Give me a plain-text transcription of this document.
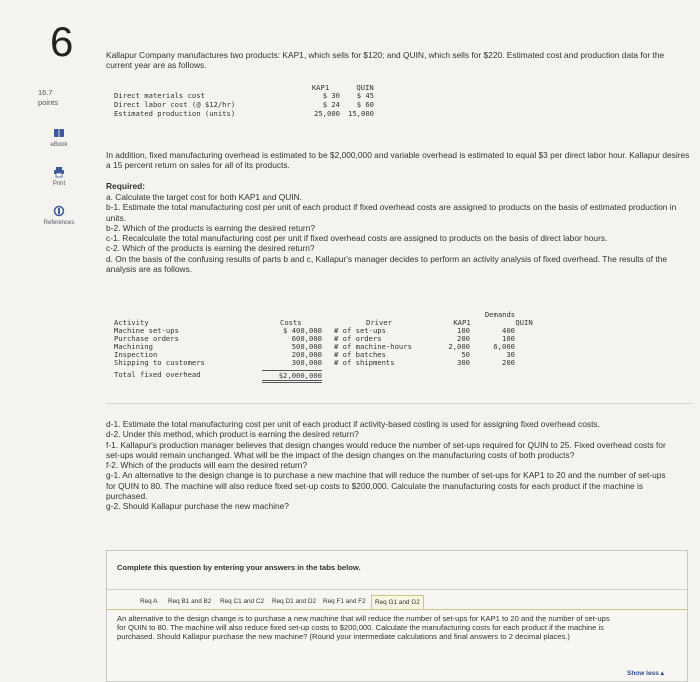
6
16.7
points
eBook
Print
References
Kallapur Company manufactures two products: KAP1, which sells for $120; and QUIN, which sells for $220. Estimated cost and production data for the current year are as follows.
KAP1	QUIN
Direct materials cost	$ 30	$ 45
Direct labor cost (@ $12/hr)	$ 24	$ 60
Estimated production (units)	25,000	15,000
In addition, fixed manufacturing overhead is estimated to be $2,000,000 and variable overhead is estimated to equal $3 per direct labor hour. Kallapur desires a 15 percent return on sales for all of its products.
Required:
a. Calculate the target cost for both KAP1 and QUIN.
b-1. Estimate the total manufacturing cost per unit of each product if fixed overhead costs are assigned to products on the basis of estimated production in units.
b-2. Which of the products is earning the desired return?
c-1. Recalculate the total manufacturing cost per unit if fixed overhead costs are assigned to products on the basis of direct labor hours.
c-2. Which of the products is earning the desired return?
d. On the basis of the confusing results of parts b and c, Kallapur's manager decides to perform an activity analysis of fixed overhead. The results of the analysis are as follows.
Demands
Activity	Costs	Driver	KAP1	QUIN
Machine set-ups	$ 400,000 # of set-ups	100	400
Purchase orders	600,000 # of orders	200	100
Machining	500,000 # of machine-hours	2,000	6,000
Inspection	200,000 # of batches	50	30
Shipping to customers	300,000 # of shipments	300	200
Total fixed overhead	$2,000,000
d-1. Estimate the total manufacturing cost per unit of each product if activity-based costing is used for assigning fixed overhead costs.
d-2. Under this method, which product is earning the desired return?
f-1. Kallapur's production manager believes that design changes would reduce the number of set-ups required for QUIN to 25. Fixed overhead costs for set-ups would remain unchanged. What will be the impact of the design changes on the manufacturing costs of both products?
f-2. Which of the products will earn the desired return?
g-1. An alternative to the design change is to purchase a new machine that will reduce the number of set-ups for KAP1 to 20 and the number of set-ups for QUIN to 80. The machine will also reduce fixed set-up costs to $200,000. Calculate the manufacturing costs for each product if the machine is purchased.
g-2. Should Kallapur purchase the new machine?
Complete this question by entering your answers in the tabs below.
Req A	Req B1 and B2	Req C1 and C2	Req D1 and D2	Req F1 and F2	Req G1 and G2
An alternative to the design change is to purchase a new machine that will reduce the number of set-ups for KAP1 to 20 and the number of set-ups for QUIN to 80. The machine will also reduce fixed set-up costs to $200,000. Calculate the manufacturing costs for each product if the machine is purchased. Should Kallapur purchase the new machine? (Round your intermediate calculations and final answers to 2 decimal places.)
Show less ▴
